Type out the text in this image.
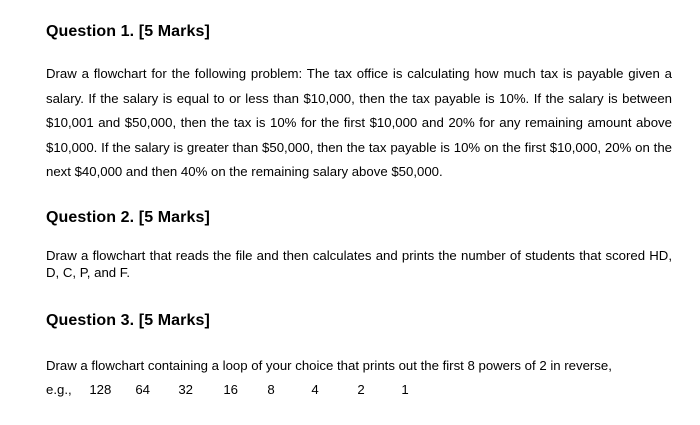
Question 1. [5 Marks]
Draw a flowchart for the following problem: The tax office is calculating how much tax is payable given a salary. If the salary is equal to or less than $10,000, then the tax payable is 10%. If the salary is between $10,001 and $50,000, then the tax is 10% for the first $10,000 and 20% for any remaining amount above $10,000. If the salary is greater than $50,000, then the tax payable is 10% on the first $10,000, 20% on the next $40,000 and then 40% on the remaining salary above $50,000.
Question 2. [5 Marks]
Draw a flowchart that reads the file and then calculates and prints the number of students that scored HD, D, C, P, and F.
Question 3. [5 Marks]
Draw a flowchart containing a loop of your choice that prints out the first 8 powers of 2 in reverse,
e.g., 128 64 32 16 8	4	2	1
